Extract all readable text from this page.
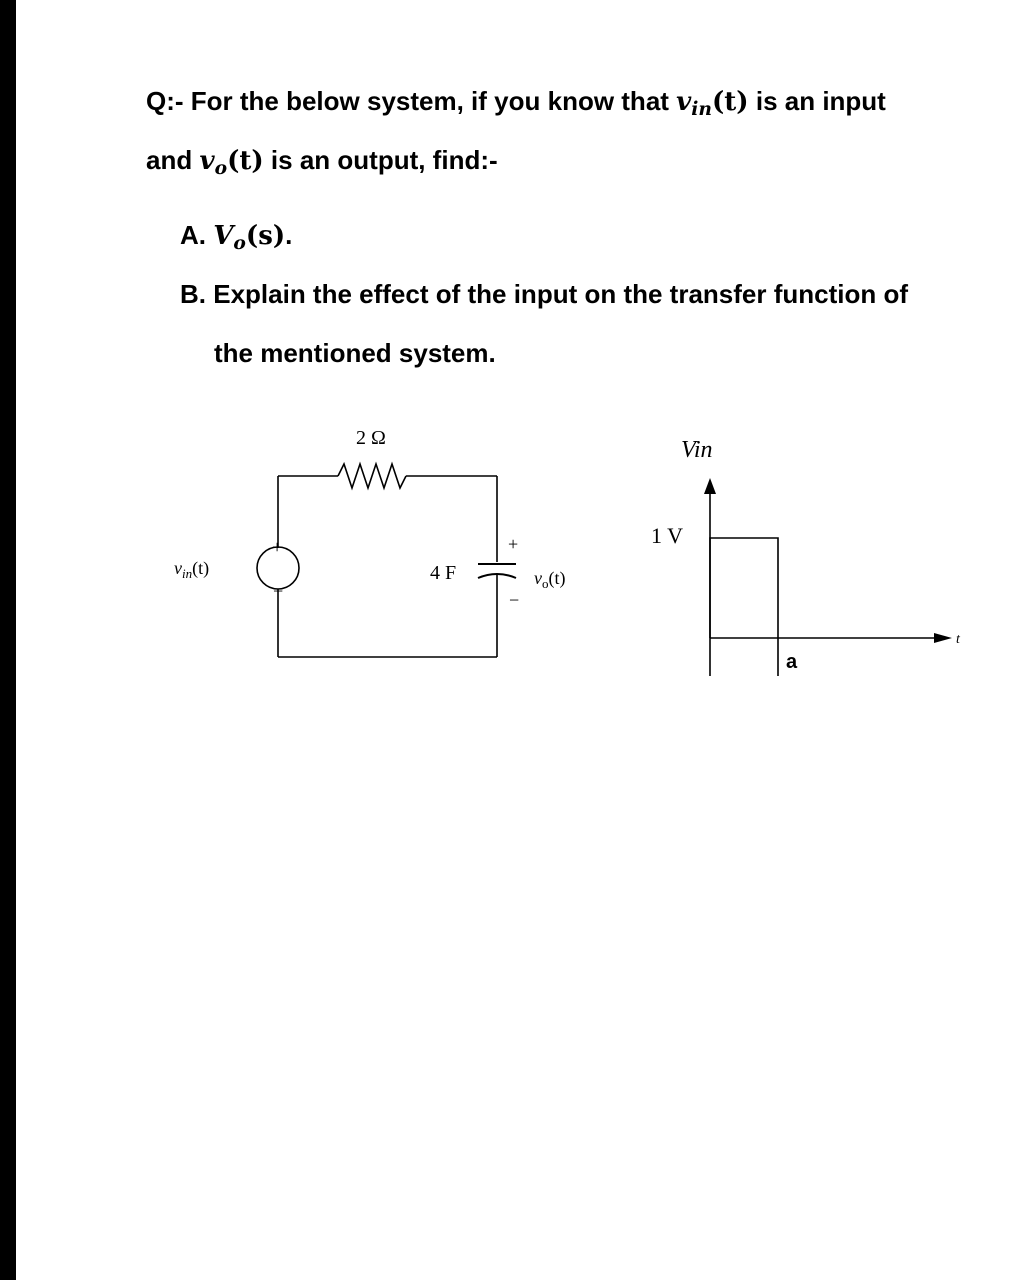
Q:- For the below system, if you know that $v_{in}(t)$ is an input
and $v_o(t)$ is an output, find:-
A. $V_o(s)$.
B. Explain the effect of the input on the transfer function of
the mentioned system.
2 Ω
4 F
+
−
+
−
$v_{in}(t)$	$v_o(t)$
Vin
1 V
t
a
